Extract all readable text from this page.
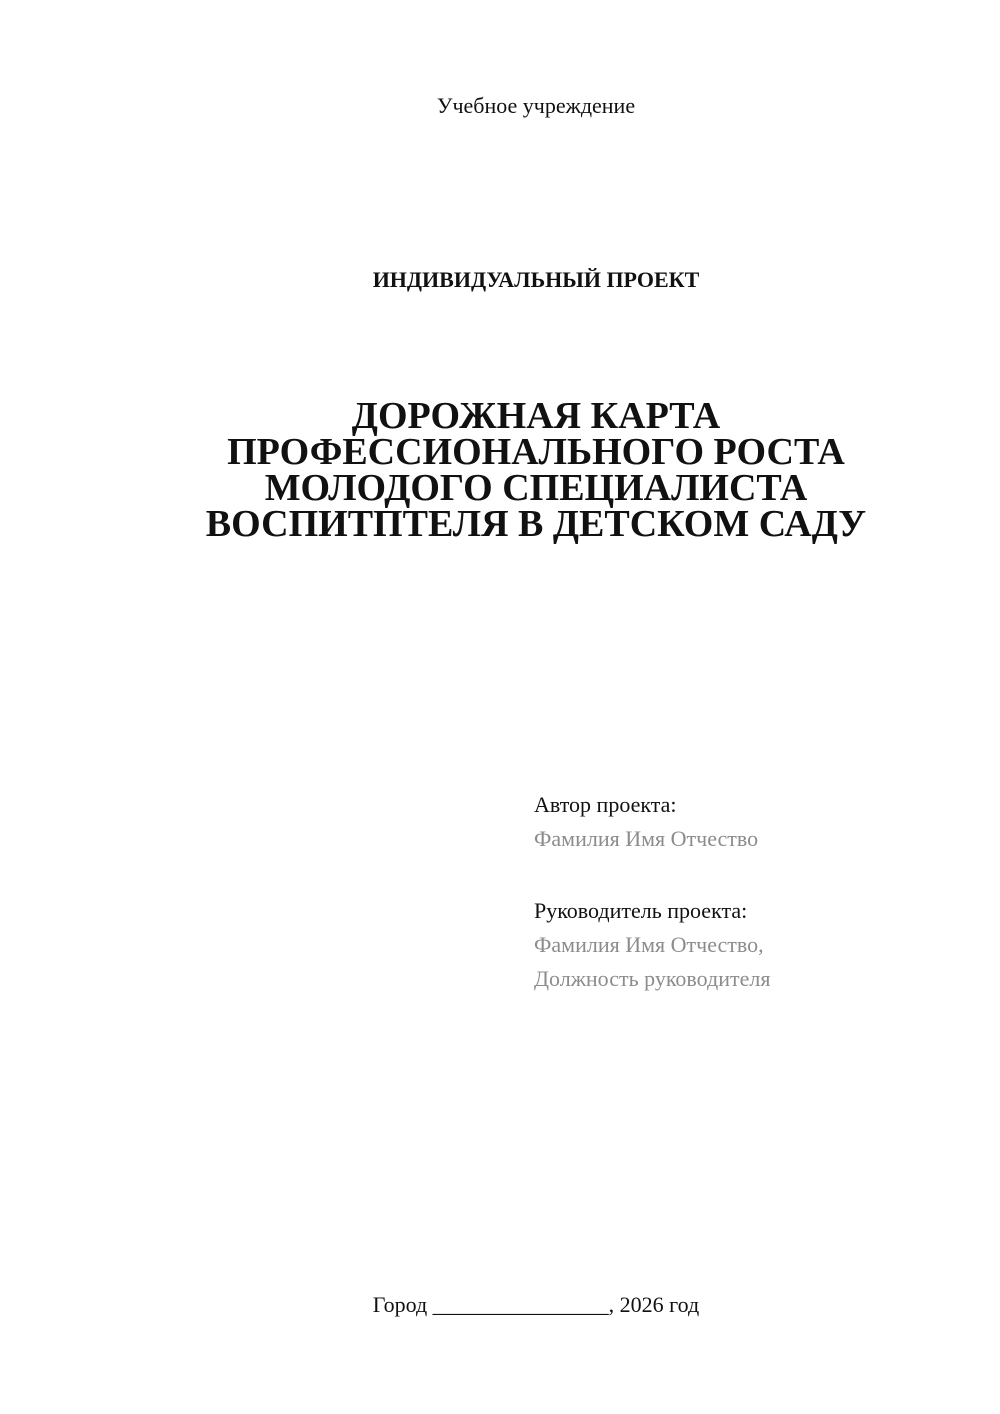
Учебное учреждение
ИНДИВИДУАЛЬНЫЙ ПРОЕКТ
ДОРОЖНАЯ КАРТА
ПРОФЕССИОНАЛЬНОГО РОСТА
МОЛОДОГО СПЕЦИАЛИСТА
ВОСПИТПТЕЛЯ В ДЕТСКОМ САДУ
Автор проекта:
Фамилия Имя Отчество
Руководитель проекта:
Фамилия Имя Отчество,
Должность руководителя
Город ________________, 2026 год
